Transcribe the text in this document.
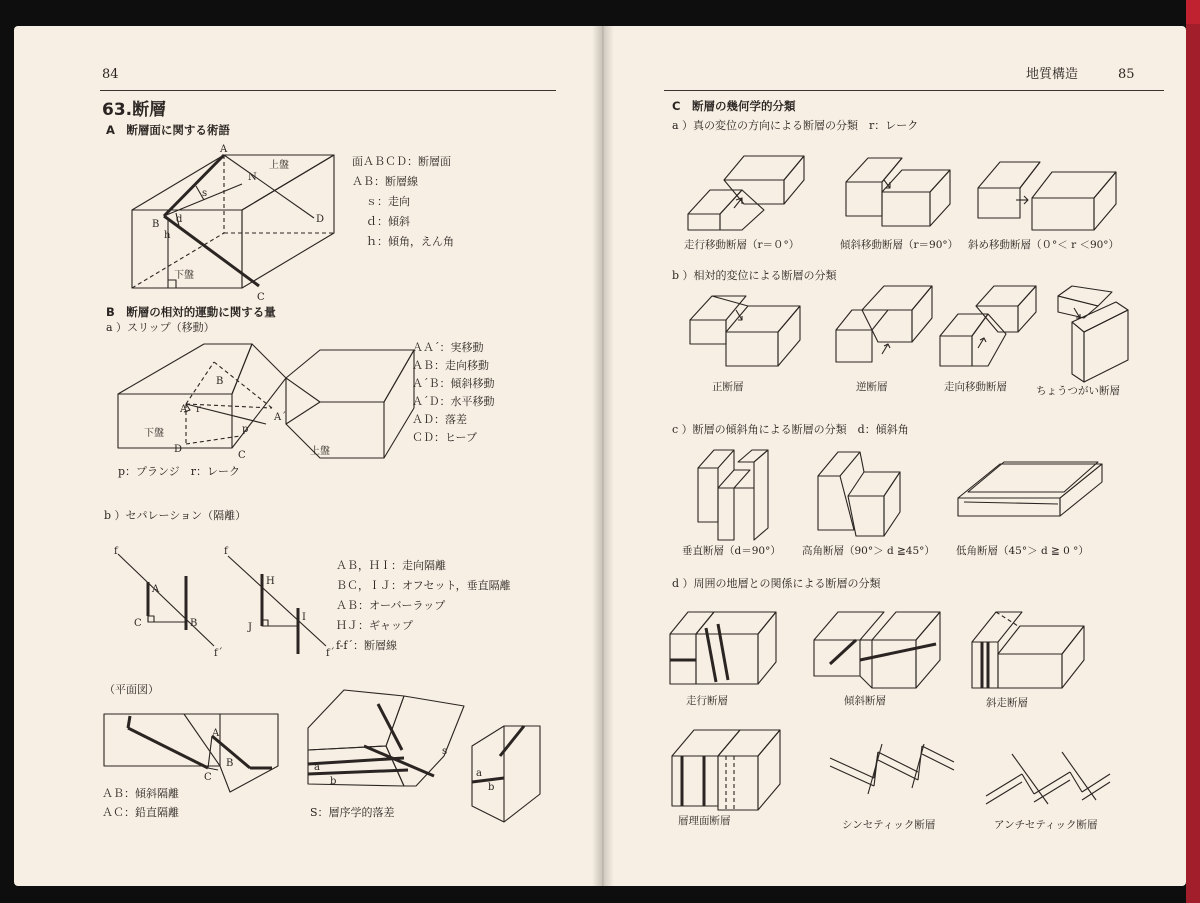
84
63.断層
A　断層面に関する術語
A
B
C
D
N
s
d
h
上盤
下盤
面ＡＢＣＤ：断層面
ＡＢ：断層線
ｓ：走向
ｄ：傾斜
ｈ：傾角，えん角
B　断層の相対的運動に関する量
a ）スリップ（移動）
A
A´
B
C
D
r
p
下盤
上盤
ＡＡ´：実移動
ＡＢ：走向移動
Ａ´Ｂ：傾斜移動
Ａ´Ｄ：水平移動
ＡＤ：落差
ＣＤ：ヒーブ
p：プランジ　r：レーク
b ）セパレーション（隔離）
f
f´
A
B
C
f
f´
H
I
J
ＡＢ，ＨＩ：走向隔離
ＢＣ，ＩＪ：オフセット，垂直隔離
ＡＢ：オーバーラップ
ＨＪ：ギャップ
f-f´：断層線
（平面図）
A
B
C
a
b
s
a
b
ＡＢ：傾斜隔離
ＡＣ：鉛直隔離	S：層序学的落差
地質構造	85
C　断層の幾何学的分類
a ）真の変位の方向による断層の分類　r：レーク
走行移動断層（r＝０°）	傾斜移動断層（r＝90°） 斜め移動断層（０°＜ r ＜90°）
b ）相対的変位による断層の分類
正断層	逆断層	走向移動断層	ちょうつがい断層
c ）断層の傾斜角による断層の分類　d：傾斜角
垂直断層（d＝90°） 高角断層（90°＞ d ≧45°） 低角断層（45°＞ d ≧ 0 °）
d ）周囲の地層との関係による断層の分類
走行断層	傾斜断層	斜走断層
層理面断層	シンセティック断層	アンチセティック断層
